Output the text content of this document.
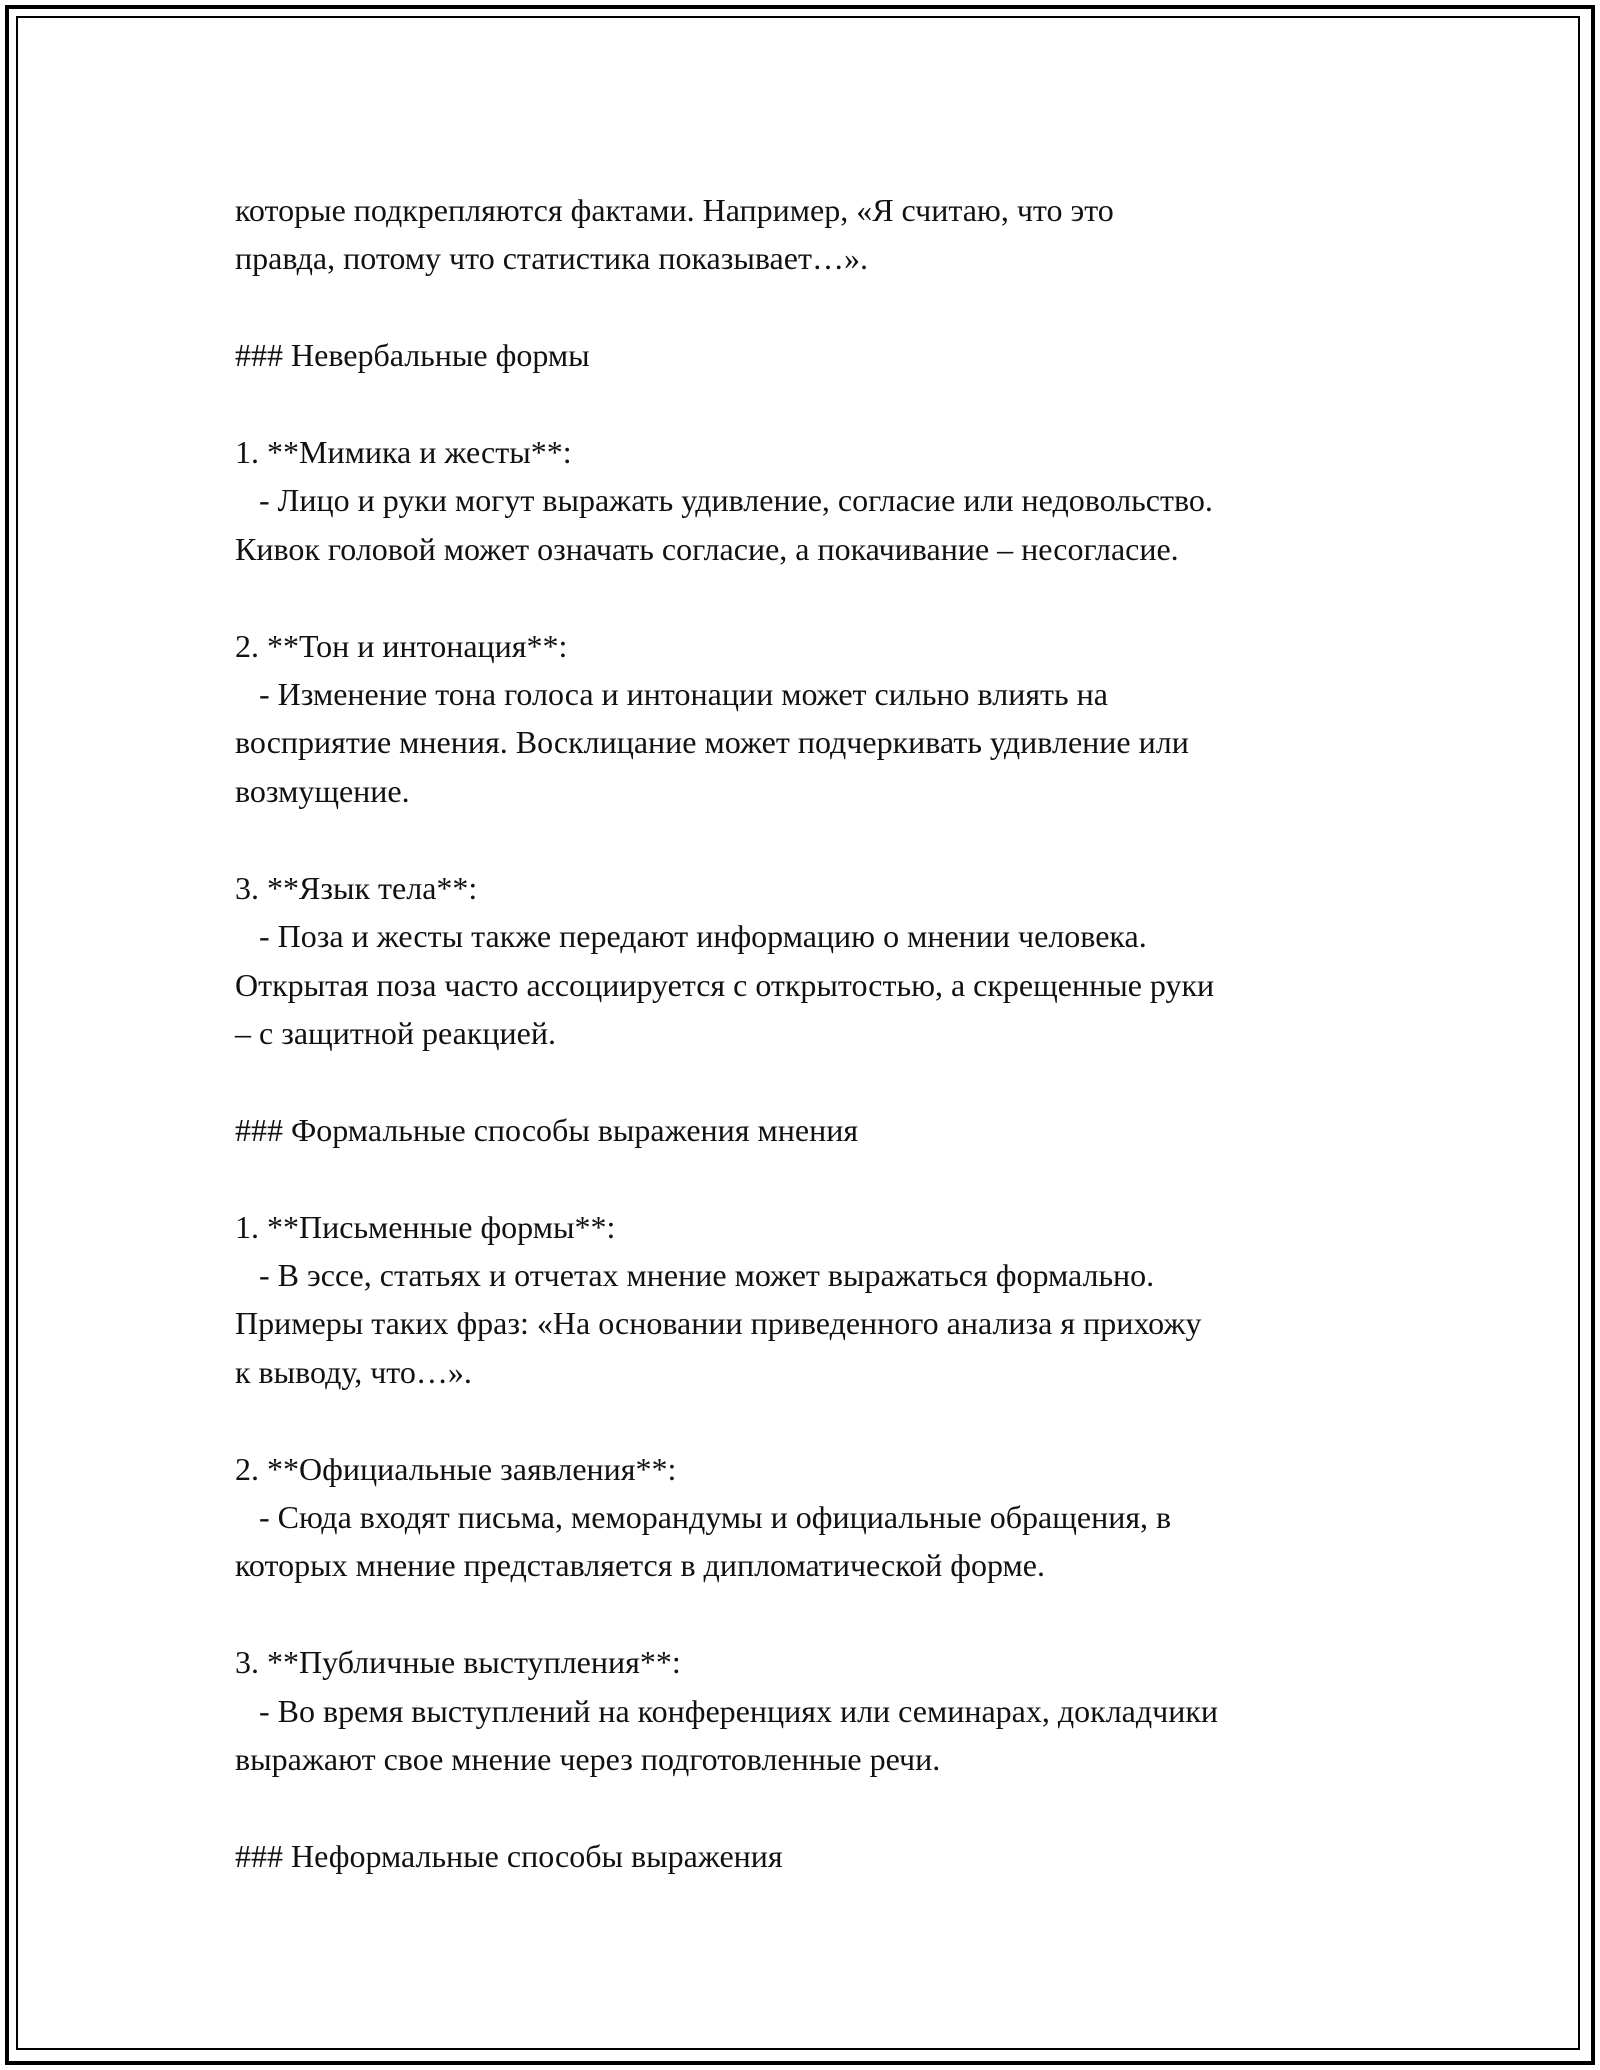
которые подкрепляются фактами. Например, «Я считаю, что это
правда, потому что статистика показывает…».
### Невербальные формы
1. **Мимика и жесты**:
- Лицо и руки могут выражать удивление, согласие или недовольство.
Кивок головой может означать согласие, а покачивание – несогласие.
2. **Тон и интонация**:
- Изменение тона голоса и интонации может сильно влиять на
восприятие мнения. Восклицание может подчеркивать удивление или
возмущение.
3. **Язык тела**:
- Поза и жесты также передают информацию о мнении человека.
Открытая поза часто ассоциируется с открытостью, а скрещенные руки
– с защитной реакцией.
### Формальные способы выражения мнения
1. **Письменные формы**:
- В эссе, статьях и отчетах мнение может выражаться формально.
Примеры таких фраз: «На основании приведенного анализа я прихожу
к выводу, что…».
2. **Официальные заявления**:
- Сюда входят письма, меморандумы и официальные обращения, в
которых мнение представляется в дипломатической форме.
3. **Публичные выступления**:
- Во время выступлений на конференциях или семинарах, докладчики
выражают свое мнение через подготовленные речи.
### Неформальные способы выражения
